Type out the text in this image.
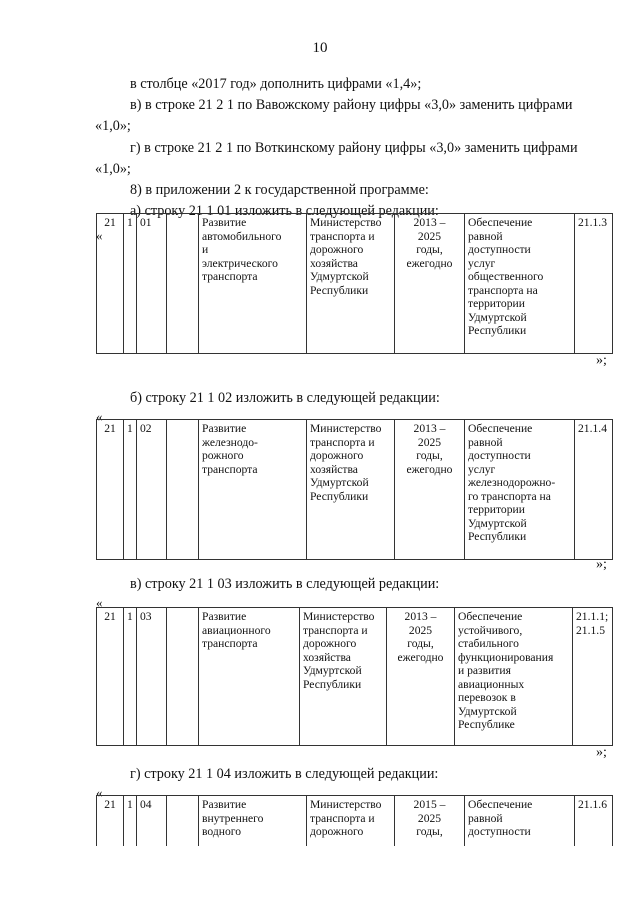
10
в столбце «2017 год» дополнить цифрами «1,4»;
в) в строке 21 2 1 по Вавожскому району цифры «3,0» заменить цифрами
«1,0»;
г) в строке 21 2 1 по Воткинскому району цифры «3,0» заменить цифрами
«1,0»;
8) в приложении 2 к государственной программе:
а) строку 21 1 01 изложить в следующей редакции:
«
21	1	01		Развитие
автомобильного
и
электрического
транспорта	Министерство
транспорта и
дорожного
хозяйства
Удмуртской
Республики	2013 –
2025
годы,
ежегодно	Обеспечение
равной
доступности
услуг
общественного
транспорта на
территории
Удмуртской
Республики	21.1.3
»;
б) строку 21 1 02 изложить в следующей редакции:
«
21	1	02		Развитие
железнодо-
рожного
транспорта	Министерство
транспорта и
дорожного
хозяйства
Удмуртской
Республики	2013 –
2025
годы,
ежегодно	Обеспечение
равной
доступности
услуг
железнодорожно-
го транспорта на
территории
Удмуртской
Республики	21.1.4
»;
в) строку 21 1 03 изложить в следующей редакции:
«
21	1	03		Развитие
авиационного
транспорта	Министерство
транспорта и
дорожного
хозяйства
Удмуртской
Республики	2013 –
2025
годы,
ежегодно	Обеспечение
устойчивого,
стабильного
функционирования
и развития
авиационных
перевозок в
Удмуртской
Республике	21.1.1;
21.1.5
»;
г) строку 21 1 04 изложить в следующей редакции:
«
21	1	04		Развитие
внутреннего
водного	Министерство
транспорта и
дорожного	2015 –
2025
годы,	Обеспечение
равной
доступности	21.1.6
